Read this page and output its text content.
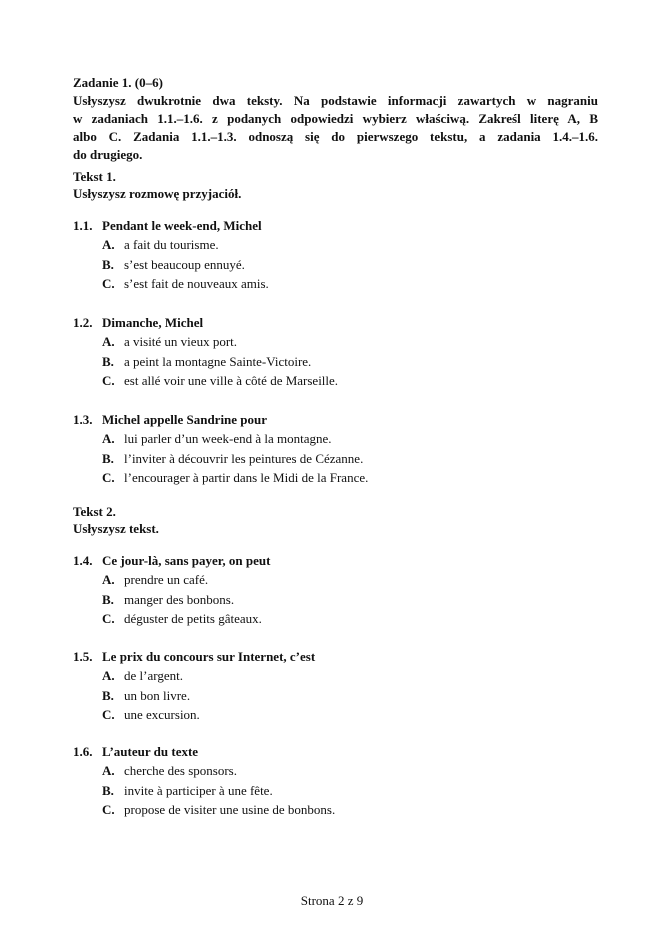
Zadanie 1. (0–6)
Usłyszysz dwukrotnie dwa teksty. Na podstawie informacji zawartych w nagraniu
w zadaniach 1.1.–1.6. z podanych odpowiedzi wybierz właściwą. Zakreśl literę A, B
albo C. Zadania 1.1.–1.3. odnoszą się do pierwszego tekstu, a zadania 1.4.–1.6.
do drugiego.
Tekst 1.
Usłyszysz rozmowę przyjaciół.
1.1. Pendant le week-end, Michel
A. a fait du tourisme.
B. s’est beaucoup ennuyé.
C. s’est fait de nouveaux amis.
1.2. Dimanche, Michel
A. a visité un vieux port.
B. a peint la montagne Sainte-Victoire.
C. est allé voir une ville à côté de Marseille.
1.3. Michel appelle Sandrine pour
A. lui parler d’un week-end à la montagne.
B. l’inviter à découvrir les peintures de Cézanne.
C. l’encourager à partir dans le Midi de la France.
Tekst 2.
Usłyszysz tekst.
1.4. Ce jour-là, sans payer, on peut
A. prendre un café.
B. manger des bonbons.
C. déguster de petits gâteaux.
1.5. Le prix du concours sur Internet, c’est
A. de l’argent.
B. un bon livre.
C. une excursion.
1.6. L’auteur du texte
A. cherche des sponsors.
B. invite à participer à une fête.
C. propose de visiter une usine de bonbons.
Strona 2 z 9
